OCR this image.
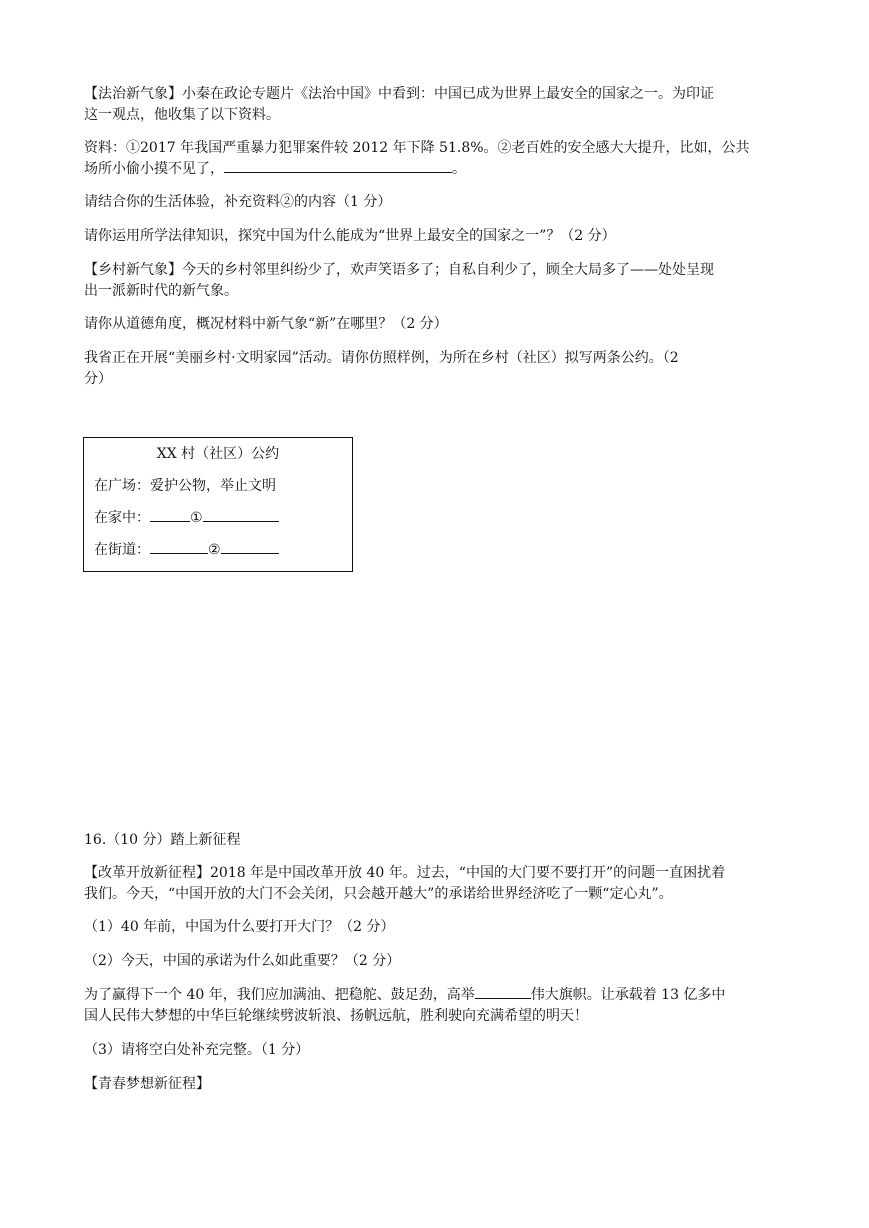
【法治新气象】小秦在政论专题片《法治中国》中看到：中国已成为世界上最安全的国家之一。为印证
这一观点，他收集了以下资料。
资料：①2017 年我国严重暴力犯罪案件较 2012 年下降 51.8%。②老百姓的安全感大大提升，比如，公共
场所小偷小摸不见了，	。
请结合你的生活体验，补充资料②的内容（1 分）
请你运用所学法律知识，探究中国为什么能成为“世界上最安全的国家之一”？（2 分）
【乡村新气象】今天的乡村邻里纠纷少了，欢声笑语多了；自私自利少了，顾全大局多了——处处呈现
出一派新时代的新气象。
请你从道德角度，概况材料中新气象“新”在哪里？（2 分）
我省正在开展“美丽乡村·文明家园”活动。请你仿照样例，为所在乡村（社区）拟写两条公约。（2
分）
XX 村（社区）公约
在广场：爱护公物，举止文明
在家中：	①
在街道：	②
16.（10 分）踏上新征程
【改革开放新征程】2018 年是中国改革开放 40 年。过去，“中国的大门要不要打开”的问题一直困扰着
我们。今天，“中国开放的大门不会关闭，只会越开越大”的承诺给世界经济吃了一颗“定心丸”。
（1）40 年前，中国为什么要打开大门？（2 分）
（2）今天，中国的承诺为什么如此重要？（2 分）
为了赢得下一个 40 年，我们应加满油、把稳舵、鼓足劲，高举	伟大旗帜。让承载着 13 亿多中
国人民伟大梦想的中华巨轮继续劈波斩浪、扬帆远航，胜利驶向充满希望的明天！
（3）请将空白处补充完整。（1 分）
【青春梦想新征程】
